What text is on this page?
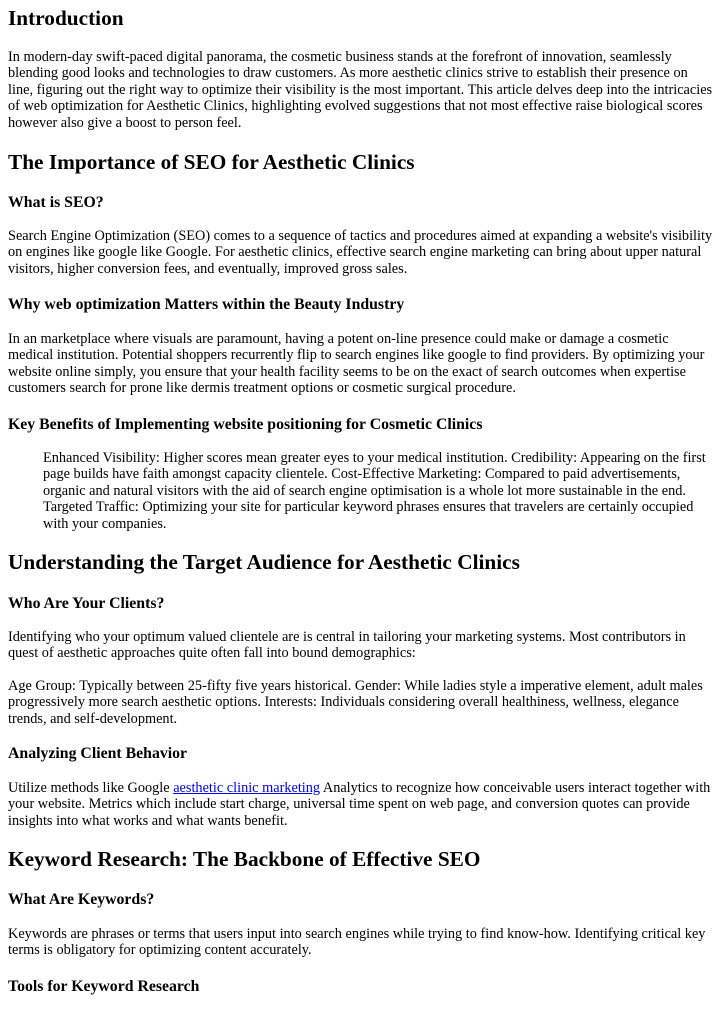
Introduction

In modern-day swift-paced digital panorama, the cosmetic business stands at the forefront of innovation, seamlessly blending good looks and technologies to draw customers. As more aesthetic clinics strive to establish their presence on line, figuring out the right way to optimize their visibility is the most important. This article delves deep into the intricacies of web optimization for Aesthetic Clinics, highlighting evolved suggestions that not most effective raise biological scores however also give a boost to person feel.

The Importance of SEO for Aesthetic Clinics
What is SEO?

Search Engine Optimization (SEO) comes to a sequence of tactics and procedures aimed at expanding a website's visibility on engines like google like Google. For aesthetic clinics, effective search engine marketing can bring about upper natural visitors, higher conversion fees, and eventually, improved gross sales.

Why web optimization Matters within the Beauty Industry

In an marketplace where visuals are paramount, having a potent on-line presence could make or damage a cosmetic medical institution. Potential shoppers recurrently flip to search engines like google to find providers. By optimizing your website online simply, you ensure that your health facility seems to be on the exact of search outcomes when expertise customers search for prone like dermis treatment options or cosmetic surgical procedure.

Key Benefits of Implementing website positioning for Cosmetic Clinics

Enhanced Visibility: Higher scores mean greater eyes to your medical institution. Credibility: Appearing on the first page builds have faith amongst capacity clientele. Cost-Effective Marketing: Compared to paid advertisements, organic and natural visitors with the aid of search engine optimisation is a whole lot more sustainable in the end. Targeted Traffic: Optimizing your site for particular keyword phrases ensures that travelers are certainly occupied with your companies.

Understanding the Target Audience for Aesthetic Clinics
Who Are Your Clients?

Identifying who your optimum valued clientele are is central in tailoring your marketing systems. Most contributors in quest of aesthetic approaches quite often fall into bound demographics:

Age Group: Typically between 25-fifty five years historical. Gender: While ladies style a imperative element, adult males progressively more search aesthetic options. Interests: Individuals considering overall healthiness, wellness, elegance trends, and self-development.

Analyzing Client Behavior

Utilize methods like Google aesthetic clinic marketing Analytics to recognize how conceivable users interact together with your website. Metrics which include start charge, universal time spent on web page, and conversion quotes can provide insights into what works and what wants benefit.

Keyword Research: The Backbone of Effective SEO
What Are Keywords?

Keywords are phrases or terms that users input into search engines while trying to find know-how. Identifying critical key terms is obligatory for optimizing content accurately.

Tools for Keyword Research
